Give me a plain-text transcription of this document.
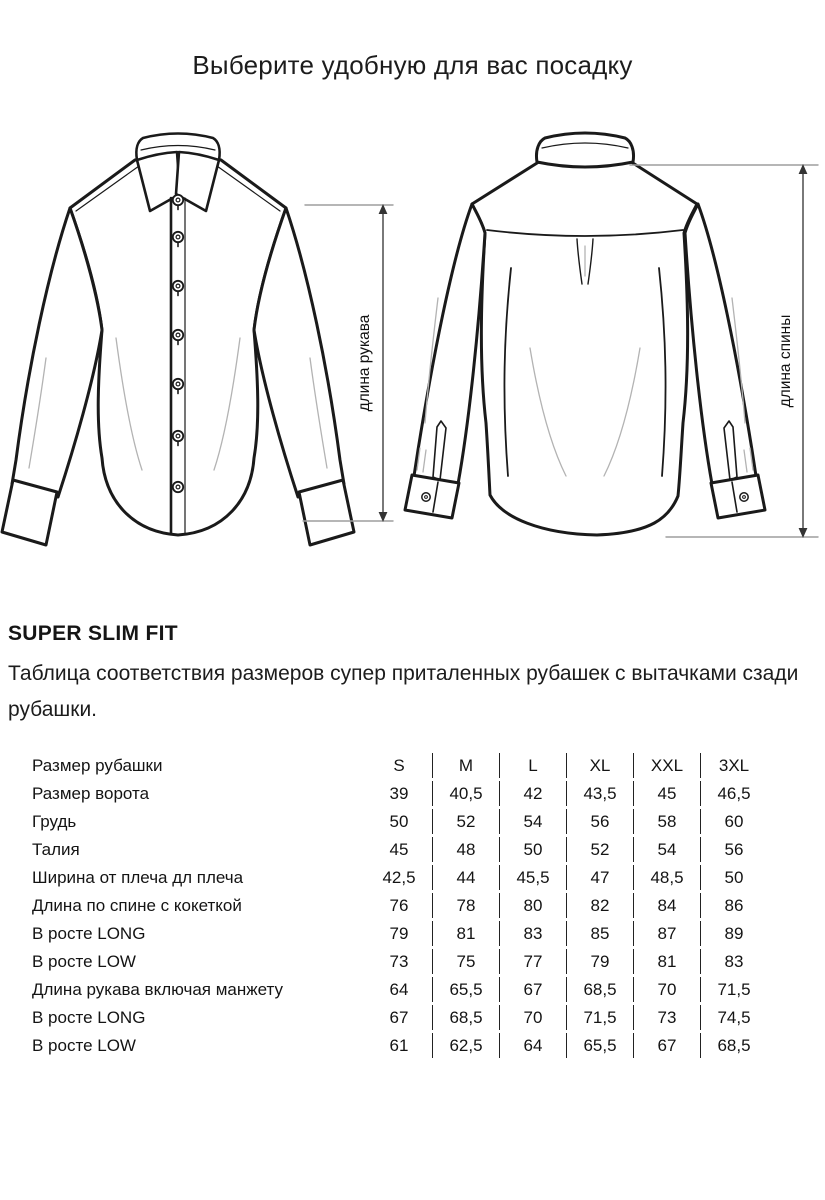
Выберите удобную для вас посадку
длина рукава	длина спины
SUPER SLIM FIT

Таблица соответствия размеров супер приталенных рубашек с вытачками сзади рубашки.

Размер рубашки	S	M	L	XL	XXL	3XL
Размер ворота	39	40,5	42	43,5	45	46,5
Грудь	50	52	54	56	58	60
Талия	45	48	50	52	54	56
Ширина от плеча дл плеча	42,5	44	45,5	47	48,5	50
Длина по спине с кокеткой	76	78	80	82	84	86
В росте LONG	79	81	83	85	87	89
В росте LOW	73	75	77	79	81	83
Длина рукава включая манжету	64	65,5	67	68,5	70	71,5
В росте LONG	67	68,5	70	71,5	73	74,5
В росте LOW	61	62,5	64	65,5	67	68,5
